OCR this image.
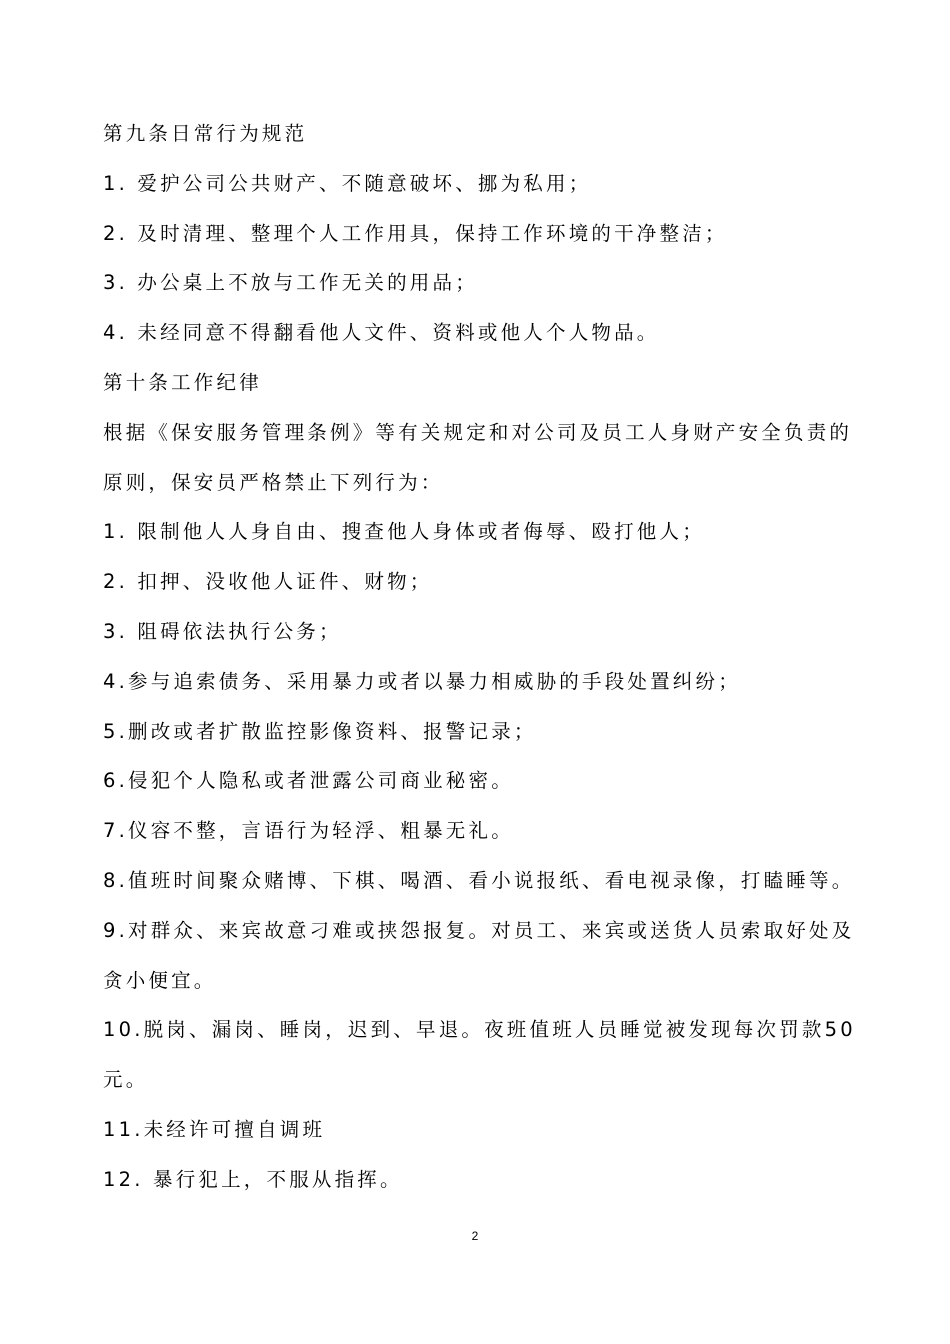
第九条日常行为规范
1. 爱护公司公共财产、不随意破坏、挪为私用；
2. 及时清理、整理个人工作用具，保持工作环境的干净整洁；
3. 办公桌上不放与工作无关的用品；
4. 未经同意不得翻看他人文件、资料或他人个人物品。
第十条工作纪律
根据《保安服务管理条例》等有关规定和对公司及员工人身财产安全负责的
原则，保安员严格禁止下列行为：
1. 限制他人人身自由、搜查他人身体或者侮辱、殴打他人；
2. 扣押、没收他人证件、财物；
3. 阻碍依法执行公务；
4.参与追索债务、采用暴力或者以暴力相威胁的手段处置纠纷；
5.删改或者扩散监控影像资料、报警记录；
6.侵犯个人隐私或者泄露公司商业秘密。
7.仪容不整，言语行为轻浮、粗暴无礼。
8.值班时间聚众赌博、下棋、喝酒、看小说报纸、看电视录像，打瞌睡等。
9.对群众、来宾故意刁难或挟怨报复。对员工、来宾或送货人员索取好处及
贪小便宜。
10.脱岗、漏岗、睡岗，迟到、早退。夜班值班人员睡觉被发现每次罚款50
元。
11.未经许可擅自调班
12. 暴行犯上，不服从指挥。
2
